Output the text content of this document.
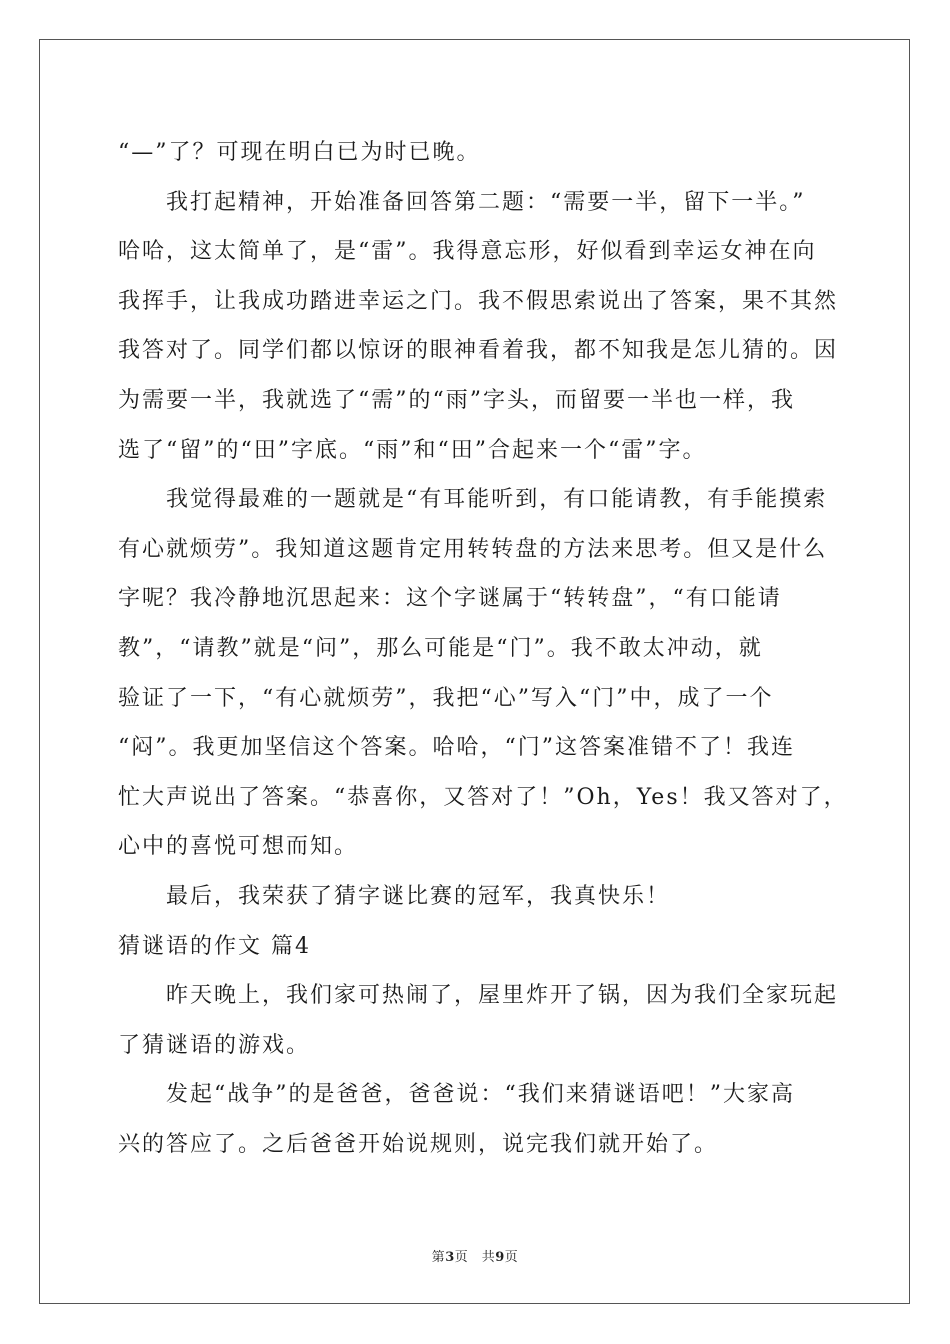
“—”了？可现在明白已为时已晚。
　　我打起精神，开始准备回答第二题：“需要一半，留下一半。”
哈哈，这太简单了，是“雷”。我得意忘形，好似看到幸运女神在向
我挥手，让我成功踏进幸运之门。我不假思索说出了答案，果不其然
我答对了。同学们都以惊讶的眼神看着我，都不知我是怎儿猜的。因
为需要一半，我就选了“需”的“雨”字头，而留要一半也一样，我
选了“留”的“田”字底。“雨”和“田”合起来一个“雷”字。
　　我觉得最难的一题就是“有耳能听到，有口能请教，有手能摸索
有心就烦劳”。我知道这题肯定用转转盘的方法来思考。但又是什么
字呢？我冷静地沉思起来：这个字谜属于“转转盘”，“有口能请
教”，“请教”就是“问”，那么可能是“门”。我不敢太冲动，就
验证了一下，“有心就烦劳”，我把“心”写入“门”中，成了一个
“闷”。我更加坚信这个答案。哈哈，“门”这答案准错不了！我连
忙大声说出了答案。“恭喜你，又答对了！”Oh，Yes！我又答对了，
心中的喜悦可想而知。
　　最后，我荣获了猜字谜比赛的冠军，我真快乐！
猜谜语的作文 篇4
　　昨天晚上，我们家可热闹了，屋里炸开了锅，因为我们全家玩起
了猜谜语的游戏。
　　发起“战争”的是爸爸，爸爸说：“我们来猜谜语吧！”大家高
兴的答应了。之后爸爸开始说规则，说完我们就开始了。
第3页　共9页
